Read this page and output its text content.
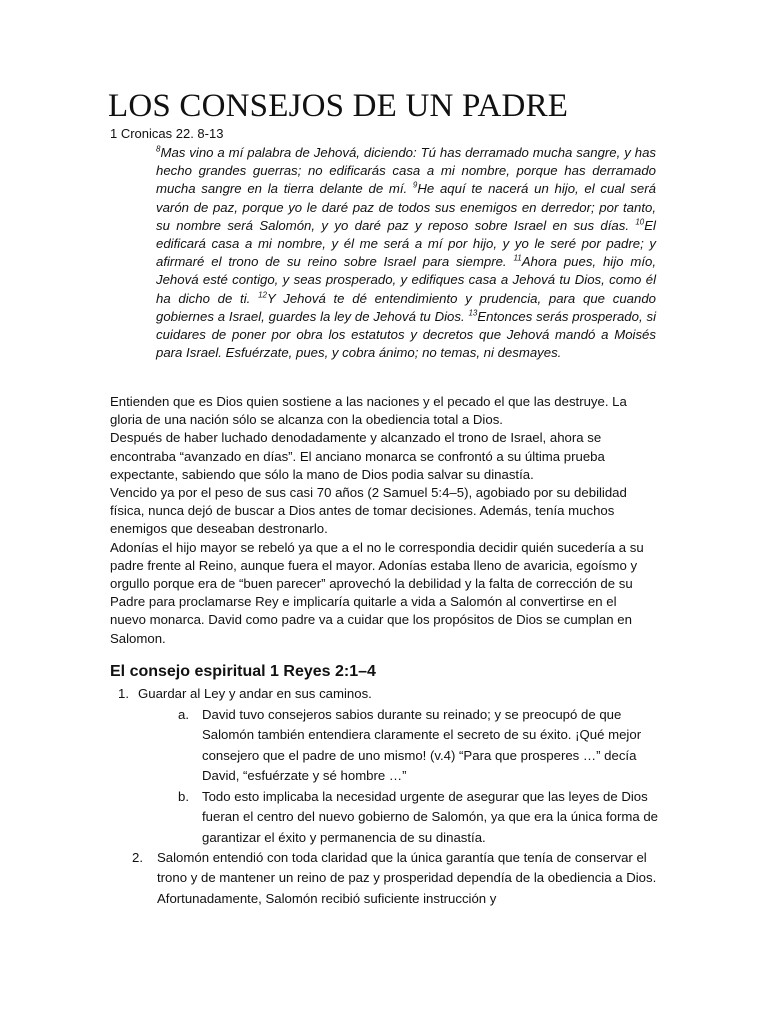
LOS CONSEJOS DE UN PADRE
1 Cronicas 22. 8-13
$^8$Mas vino a mí palabra de Jehová, diciendo: Tú has derramado mucha sangre, y has hecho grandes guerras; no edificarás casa a mi nombre, porque has derramado mucha sangre en la tierra delante de mí. $^9$He aquí te nacerá un hijo, el cual será varón de paz, porque yo le daré paz de todos sus enemigos en derredor; por tanto, su nombre será Salomón, y yo daré paz y reposo sobre Israel en sus días. $^{10}$El edificará casa a mi nombre, y él me será a mí por hijo, y yo le seré por padre; y afirmaré el trono de su reino sobre Israel para siempre. $^{11}$Ahora pues, hijo mío, Jehová esté contigo, y seas prosperado, y edifiques casa a Jehová tu Dios, como él ha dicho de ti. $^{12}$Y Jehová te dé entendimiento y prudencia, para que cuando gobiernes a Israel, guardes la ley de Jehová tu Dios. $^{13}$Entonces serás prosperado, si cuidares de poner por obra los estatutos y decretos que Jehová mandó a Moisés para Israel. Esfuérzate, pues, y cobra ánimo; no temas, ni desmayes.

Entienden que es Dios quien sostiene a las naciones y el pecado el que las destruye. La gloria de una nación sólo se alcanza con la obediencia total a Dios.

Después de haber luchado denodadamente y alcanzado el trono de Israel, ahora se encontraba “avanzado en días”. El anciano monarca se confrontó a su última prueba expectante, sabiendo que sólo la mano de Dios podia salvar su dinastía.

Vencido ya por el peso de sus casi 70 años (2 Samuel 5:4–5), agobiado por su debilidad física, nunca dejó de buscar a Dios antes de tomar decisiones. Además, tenía muchos enemigos que deseaban destronarlo.

Adonías el hijo mayor se rebeló ya que a el no le correspondia decidir quién sucedería a su padre frente al Reino, aunque fuera el mayor. Adonías estaba lleno de avaricia, egoísmo y orgullo porque era de “buen parecer” aprovechó la debilidad y la falta de corrección de su Padre para proclamarse Rey e implicaría quitarle a vida a Salomón al convertirse en el nuevo monarca. David como padre va a cuidar que los propósitos de Dios se cumplan en Salomon.

El consejo espiritual 1 Reyes 2:1–4
1. Guardar al Ley y andar en sus caminos.
a. David tuvo consejeros sabios durante su reinado; y se preocupó de que Salomón también entendiera claramente el secreto de su éxito. ¡Qué mejor consejero que el padre de uno mismo! (v.4) “Para que prosperes …” decía David, “esfuérzate y sé hombre …”
b. Todo esto implicaba la necesidad urgente de asegurar que las leyes de Dios fueran el centro del nuevo gobierno de Salomón, ya que era la única forma de garantizar el éxito y permanencia de su dinastía.
2. Salomón entendió con toda claridad que la única garantía que tenía de conservar el trono y de mantener un reino de paz y prosperidad dependía de la obediencia a Dios. Afortunadamente, Salomón recibió suficiente instrucción y
